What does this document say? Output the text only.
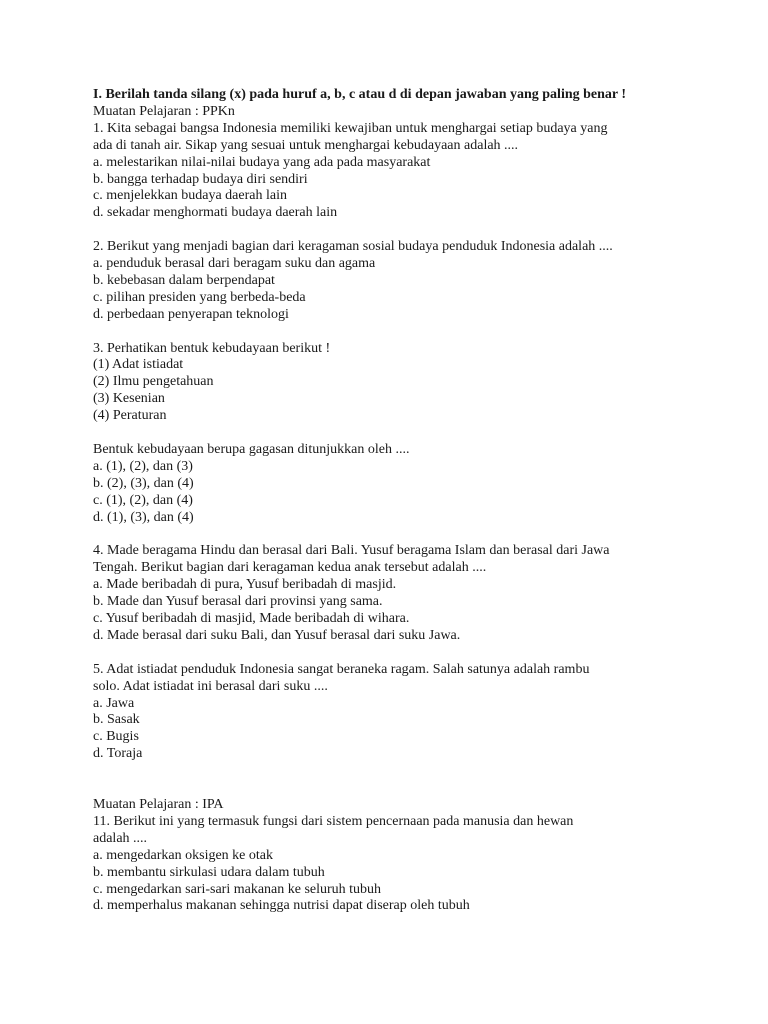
I. Berilah tanda silang (x) pada huruf a, b, c atau d di depan jawaban yang paling benar !
Muatan Pelajaran : PPKn
1. Kita sebagai bangsa Indonesia memiliki kewajiban untuk menghargai setiap budaya yang
ada di tanah air. Sikap yang sesuai untuk menghargai kebudayaan adalah ....
a. melestarikan nilai-nilai budaya yang ada pada masyarakat
b. bangga terhadap budaya diri sendiri
c. menjelekkan budaya daerah lain
d. sekadar menghormati budaya daerah lain
2. Berikut yang menjadi bagian dari keragaman sosial budaya penduduk Indonesia adalah ....
a. penduduk berasal dari beragam suku dan agama
b. kebebasan dalam berpendapat
c. pilihan presiden yang berbeda-beda
d. perbedaan penyerapan teknologi
3. Perhatikan bentuk kebudayaan berikut !
(1) Adat istiadat
(2) Ilmu pengetahuan
(3) Kesenian
(4) Peraturan
Bentuk kebudayaan berupa gagasan ditunjukkan oleh ....
a. (1), (2), dan (3)
b. (2), (3), dan (4)
c. (1), (2), dan (4)
d. (1), (3), dan (4)
4. Made beragama Hindu dan berasal dari Bali. Yusuf beragama Islam dan berasal dari Jawa
Tengah. Berikut bagian dari keragaman kedua anak tersebut adalah ....
a. Made beribadah di pura, Yusuf beribadah di masjid.
b. Made dan Yusuf berasal dari provinsi yang sama.
c. Yusuf beribadah di masjid, Made beribadah di wihara.
d. Made berasal dari suku Bali, dan Yusuf berasal dari suku Jawa.
5. Adat istiadat penduduk Indonesia sangat beraneka ragam. Salah satunya adalah rambu
solo. Adat istiadat ini berasal dari suku ....
a. Jawa
b. Sasak
c. Bugis
d. Toraja
Muatan Pelajaran : IPA
11. Berikut ini yang termasuk fungsi dari sistem pencernaan pada manusia dan hewan
adalah ....
a. mengedarkan oksigen ke otak
b. membantu sirkulasi udara dalam tubuh
c. mengedarkan sari-sari makanan ke seluruh tubuh
d. memperhalus makanan sehingga nutrisi dapat diserap oleh tubuh
